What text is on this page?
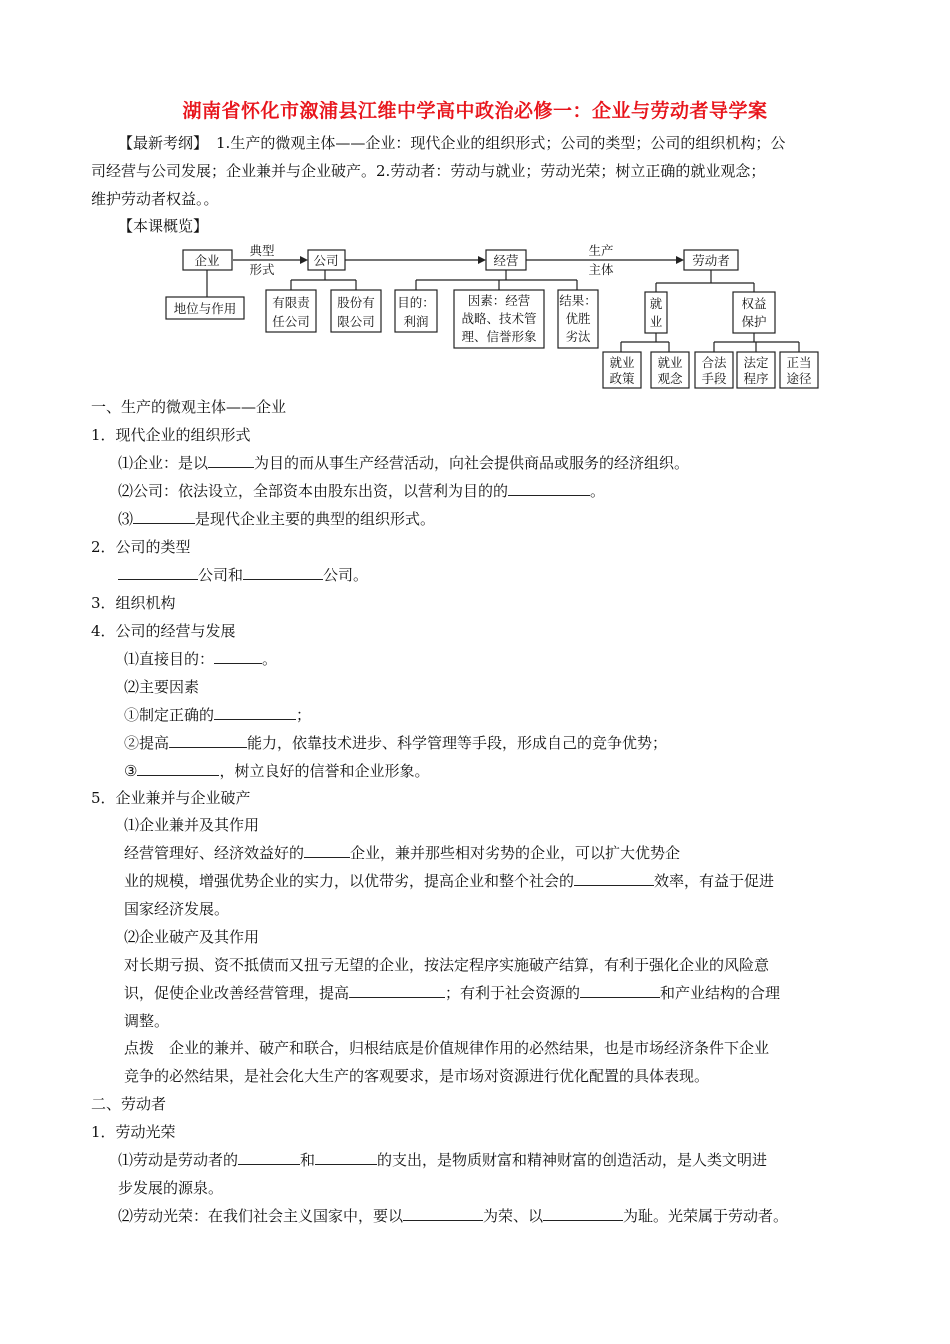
湖南省怀化市溆浦县江维中学高中政治必修一：企业与劳动者导学案
【最新考纲】 1.生产的微观主体——企业：现代企业的组织形式；公司的类型；公司的组织机构；公
司经营与公司发展；企业兼并与企业破产。2.劳动者：劳动与就业；劳动光荣；树立正确的就业观念；
维护劳动者权益。。
【本课概览】
企业
典型
形式
公司	经营
生产
主体
劳动者
地位与作用	有限责
任公司
股份有
限公司
目的：
利润
因素：经营
战略、技术管
理、信誉形象
结果：
优胜
劣汰
就
业
权益
保护
就业
政策
就业
观念
合法
手段
法定
程序
正当
途径
一、生产的微观主体——企业
1．现代企业的组织形式
⑴企业：是以	为目的而从事生产经营活动，向社会提供商品或服务的经济组织。
⑵公司：依法设立，全部资本由股东出资，以营利为目的的	。
⑶	是现代企业主要的典型的组织形式。
2．公司的类型
公司和	公司。
3．组织机构
4．公司的经营与发展
⑴直接目的：	。
⑵主要因素
①制定正确的	；
②提高	能力，依靠技术进步、科学管理等手段，形成自己的竞争优势；
③	，树立良好的信誉和企业形象。
5．企业兼并与企业破产
⑴企业兼并及其作用
经营管理好、经济效益好的	企业，兼并那些相对劣势的企业，可以扩大优势企
业的规模，增强优势企业的实力，以优带劣，提高企业和整个社会的	效率，有益于促进
国家经济发展。
⑵企业破产及其作用
对长期亏损、资不抵债而又扭亏无望的企业，按法定程序实施破产结算，有利于强化企业的风险意
识，促使企业改善经营管理，提高	；有利于社会资源的	和产业结构的合理
调整。
点拨　企业的兼并、破产和联合，归根结底是价值规律作用的必然结果，也是市场经济条件下企业
竞争的必然结果，是社会化大生产的客观要求，是市场对资源进行优化配置的具体表现。
二、劳动者
1．劳动光荣
⑴劳动是劳动者的	和	的支出，是物质财富和精神财富的创造活动，是人类文明进
步发展的源泉。
⑵劳动光荣：在我们社会主义国家中，要以	为荣、以	为耻。光荣属于劳动者。
